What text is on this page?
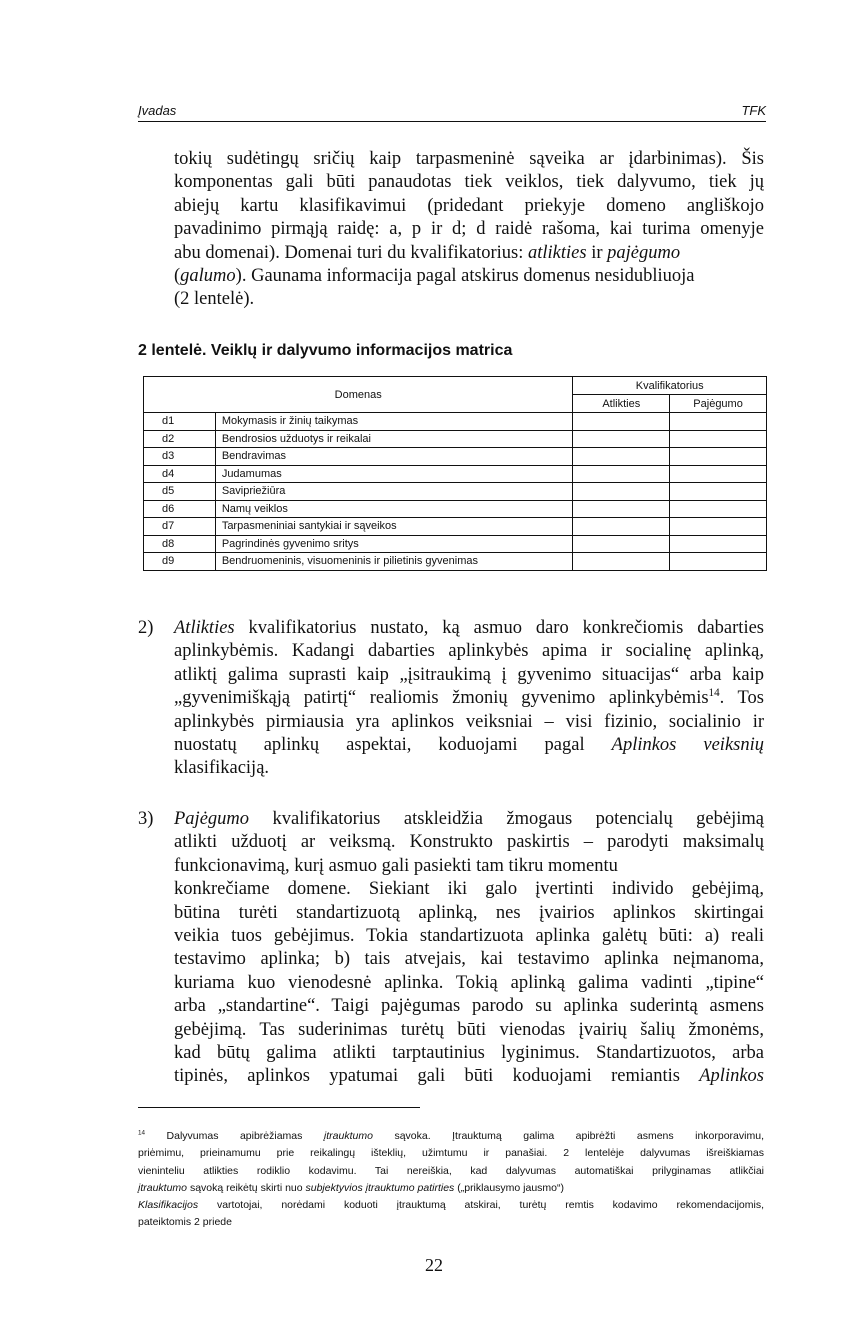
Įvadas	TFK
tokių sudėtingų sričių kaip tarpasmeninė sąveika ar įdarbinimas). Šis
komponentas gali būti panaudotas tiek veiklos, tiek dalyvumo, tiek jų
abiejų kartu klasifikavimui (pridedant priekyje domeno angliškojo
pavadinimo pirmąją raidę: a, p ir d; d raidė rašoma, kai turima omenyje
abu domenai). Domenai turi du kvalifikatorius: atlikties ir pajėgumo
(galumo). Gaunama informacija pagal atskirus domenus nesidubliuoja
(2 lentelė).
2 lentelė. Veiklų ir dalyvumo informacijos matrica
Domenas		Kvalifikatorius	
		Atlikties	Pajėgumo
d1	Mokymasis ir žinių taikymas		
d2	Bendrosios užduotys ir reikalai		
d3	Bendravimas		
d4	Judamumas		
d5	Savipriežiūra		
d6	Namų veiklos		
d7	Tarpasmeniniai santykiai ir sąveikos		
d8	Pagrindinės gyvenimo sritys		
d9	Bendruomeninis, visuomeninis ir pilietinis gyvenimas		
2) Atlikties kvalifikatorius nustato, ką asmuo daro konkrečiomis dabarties
aplinkybėmis. Kadangi dabarties aplinkybės apima ir socialinę aplinką,
atliktį galima suprasti kaip „įsitraukimą į gyvenimo situacijas“ arba kaip
„gyvenimiškąją patirtį“ realiomis žmonių gyvenimo aplinkybėmis$^{14}$. Tos
aplinkybės pirmiausia yra aplinkos veiksniai – visi fizinio, socialinio ir
nuostatų aplinkų aspektai, koduojami pagal Aplinkos veiksnių
klasifikaciją.
3) Pajėgumo kvalifikatorius atskleidžia žmogaus potencialų gebėjimą
atlikti užduotį ar veiksmą. Konstrukto paskirtis – parodyti maksimalų
funkcionavimą, kurį asmuo gali pasiekti tam tikru momentu
konkrečiame domene. Siekiant iki galo įvertinti individo gebėjimą,
būtina turėti standartizuotą aplinką, nes įvairios aplinkos skirtingai
veikia tuos gebėjimus. Tokia standartizuota aplinka galėtų būti: a) reali
testavimo aplinka; b) tais atvejais, kai testavimo aplinka neįmanoma,
kuriama kuo vienodesnė aplinka. Tokią aplinką galima vadinti „tipine“
arba „standartine“. Taigi pajėgumas parodo su aplinka suderintą asmens
gebėjimą. Tas suderinimas turėtų būti vienodas įvairių šalių žmonėms,
kad būtų galima atlikti tarptautinius lyginimus. Standartizuotos, arba
tipinės, aplinkos ypatumai gali būti koduojami remiantis Aplinkos
$^{14}$ Dalyvumas apibrėžiamas įtrauktumo sąvoka. Įtrauktumą galima apibrėžti asmens inkorporavimu,
priėmimu, prieinamumu prie reikalingų išteklių, užimtumu ir panašiai. 2 lentelėje dalyvumas išreiškiamas
vieninteliu atlikties rodiklio kodavimu. Tai nereiškia, kad dalyvumas automatiškai prilyginamas atlikčiai
įtrauktumo sąvoką reikėtų skirti nuo subjektyvios įtrauktumo patirties („priklausymo jausmo“)
Klasifikacijos vartotojai, norėdami koduoti įtrauktumą atskirai, turėtų remtis kodavimo rekomendacijomis,
pateiktomis 2 priede
22
